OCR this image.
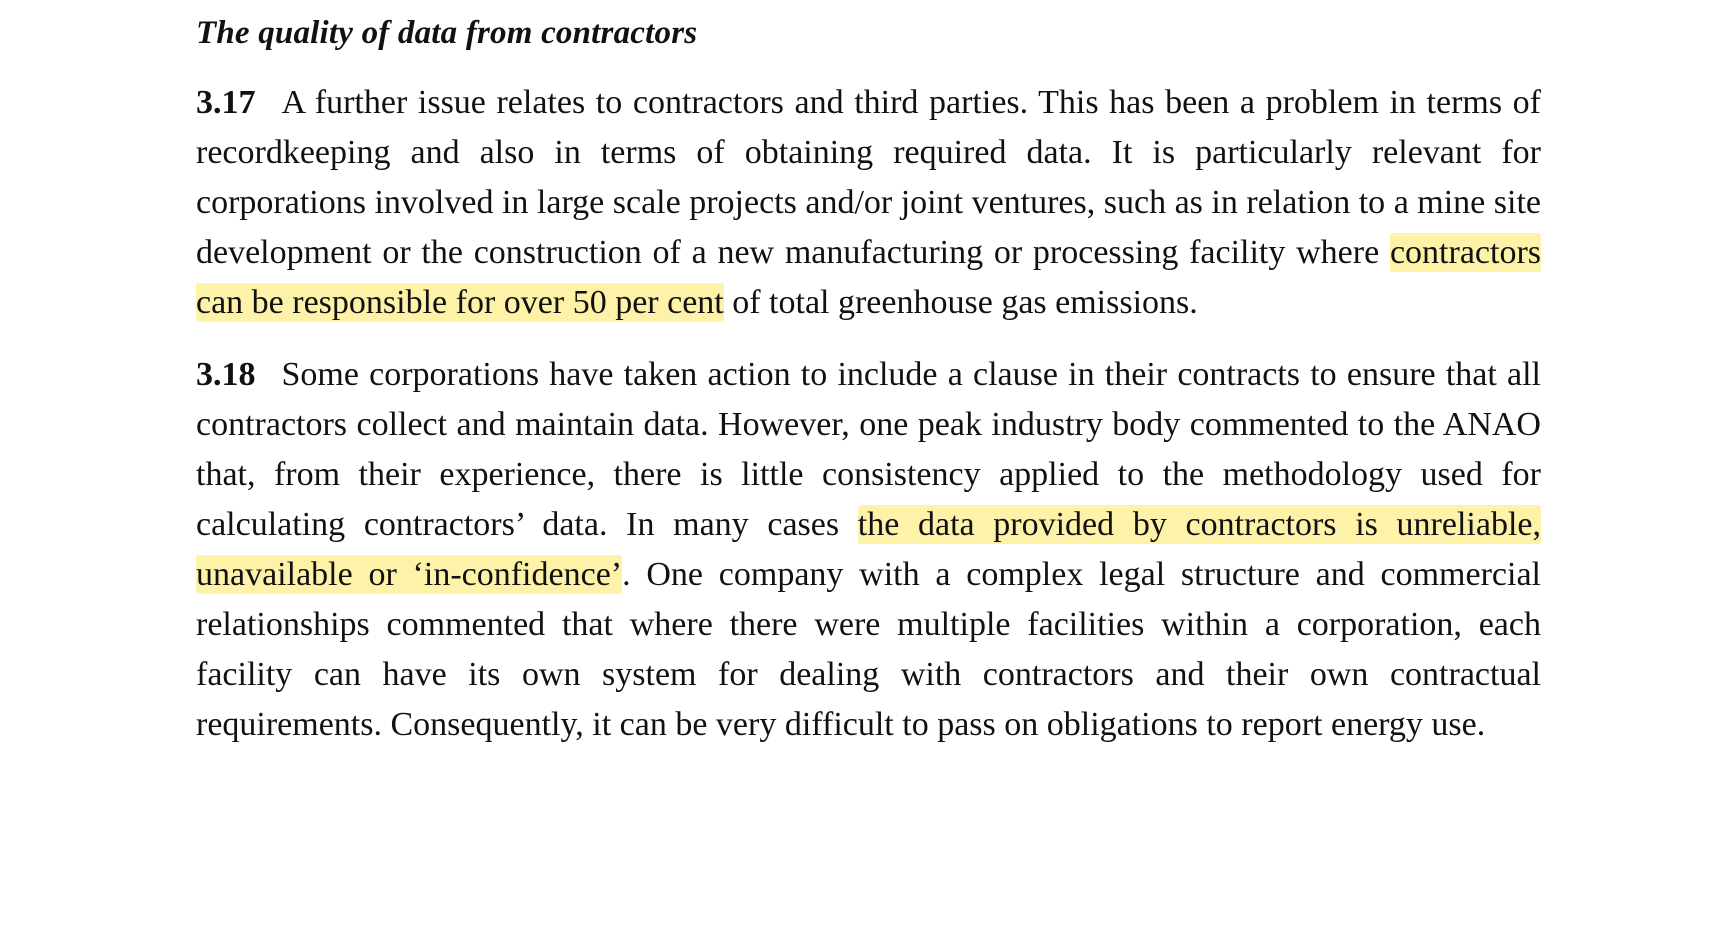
The quality of data from contractors

3.17 A further issue relates to contractors and third parties. This has been a problem in terms of recordkeeping and also in terms of obtaining required data. It is particularly relevant for corporations involved in large scale projects and/or joint ventures, such as in relation to a mine site development or the construction of a new manufacturing or processing facility where contractors can be responsible for over 50 per cent of total greenhouse gas emissions.

3.18 Some corporations have taken action to include a clause in their contracts to ensure that all contractors collect and maintain data. However, one peak industry body commented to the ANAO that, from their experience, there is little consistency applied to the methodology used for calculating contractors’ data. In many cases the data provided by contractors is unreliable, unavailable or ‘in-confidence’. One company with a complex legal structure and commercial relationships commented that where there were multiple facilities within a corporation, each facility can have its own system for dealing with contractors and their own contractual requirements. Consequently, it can be very difficult to pass on obligations to report energy use.
